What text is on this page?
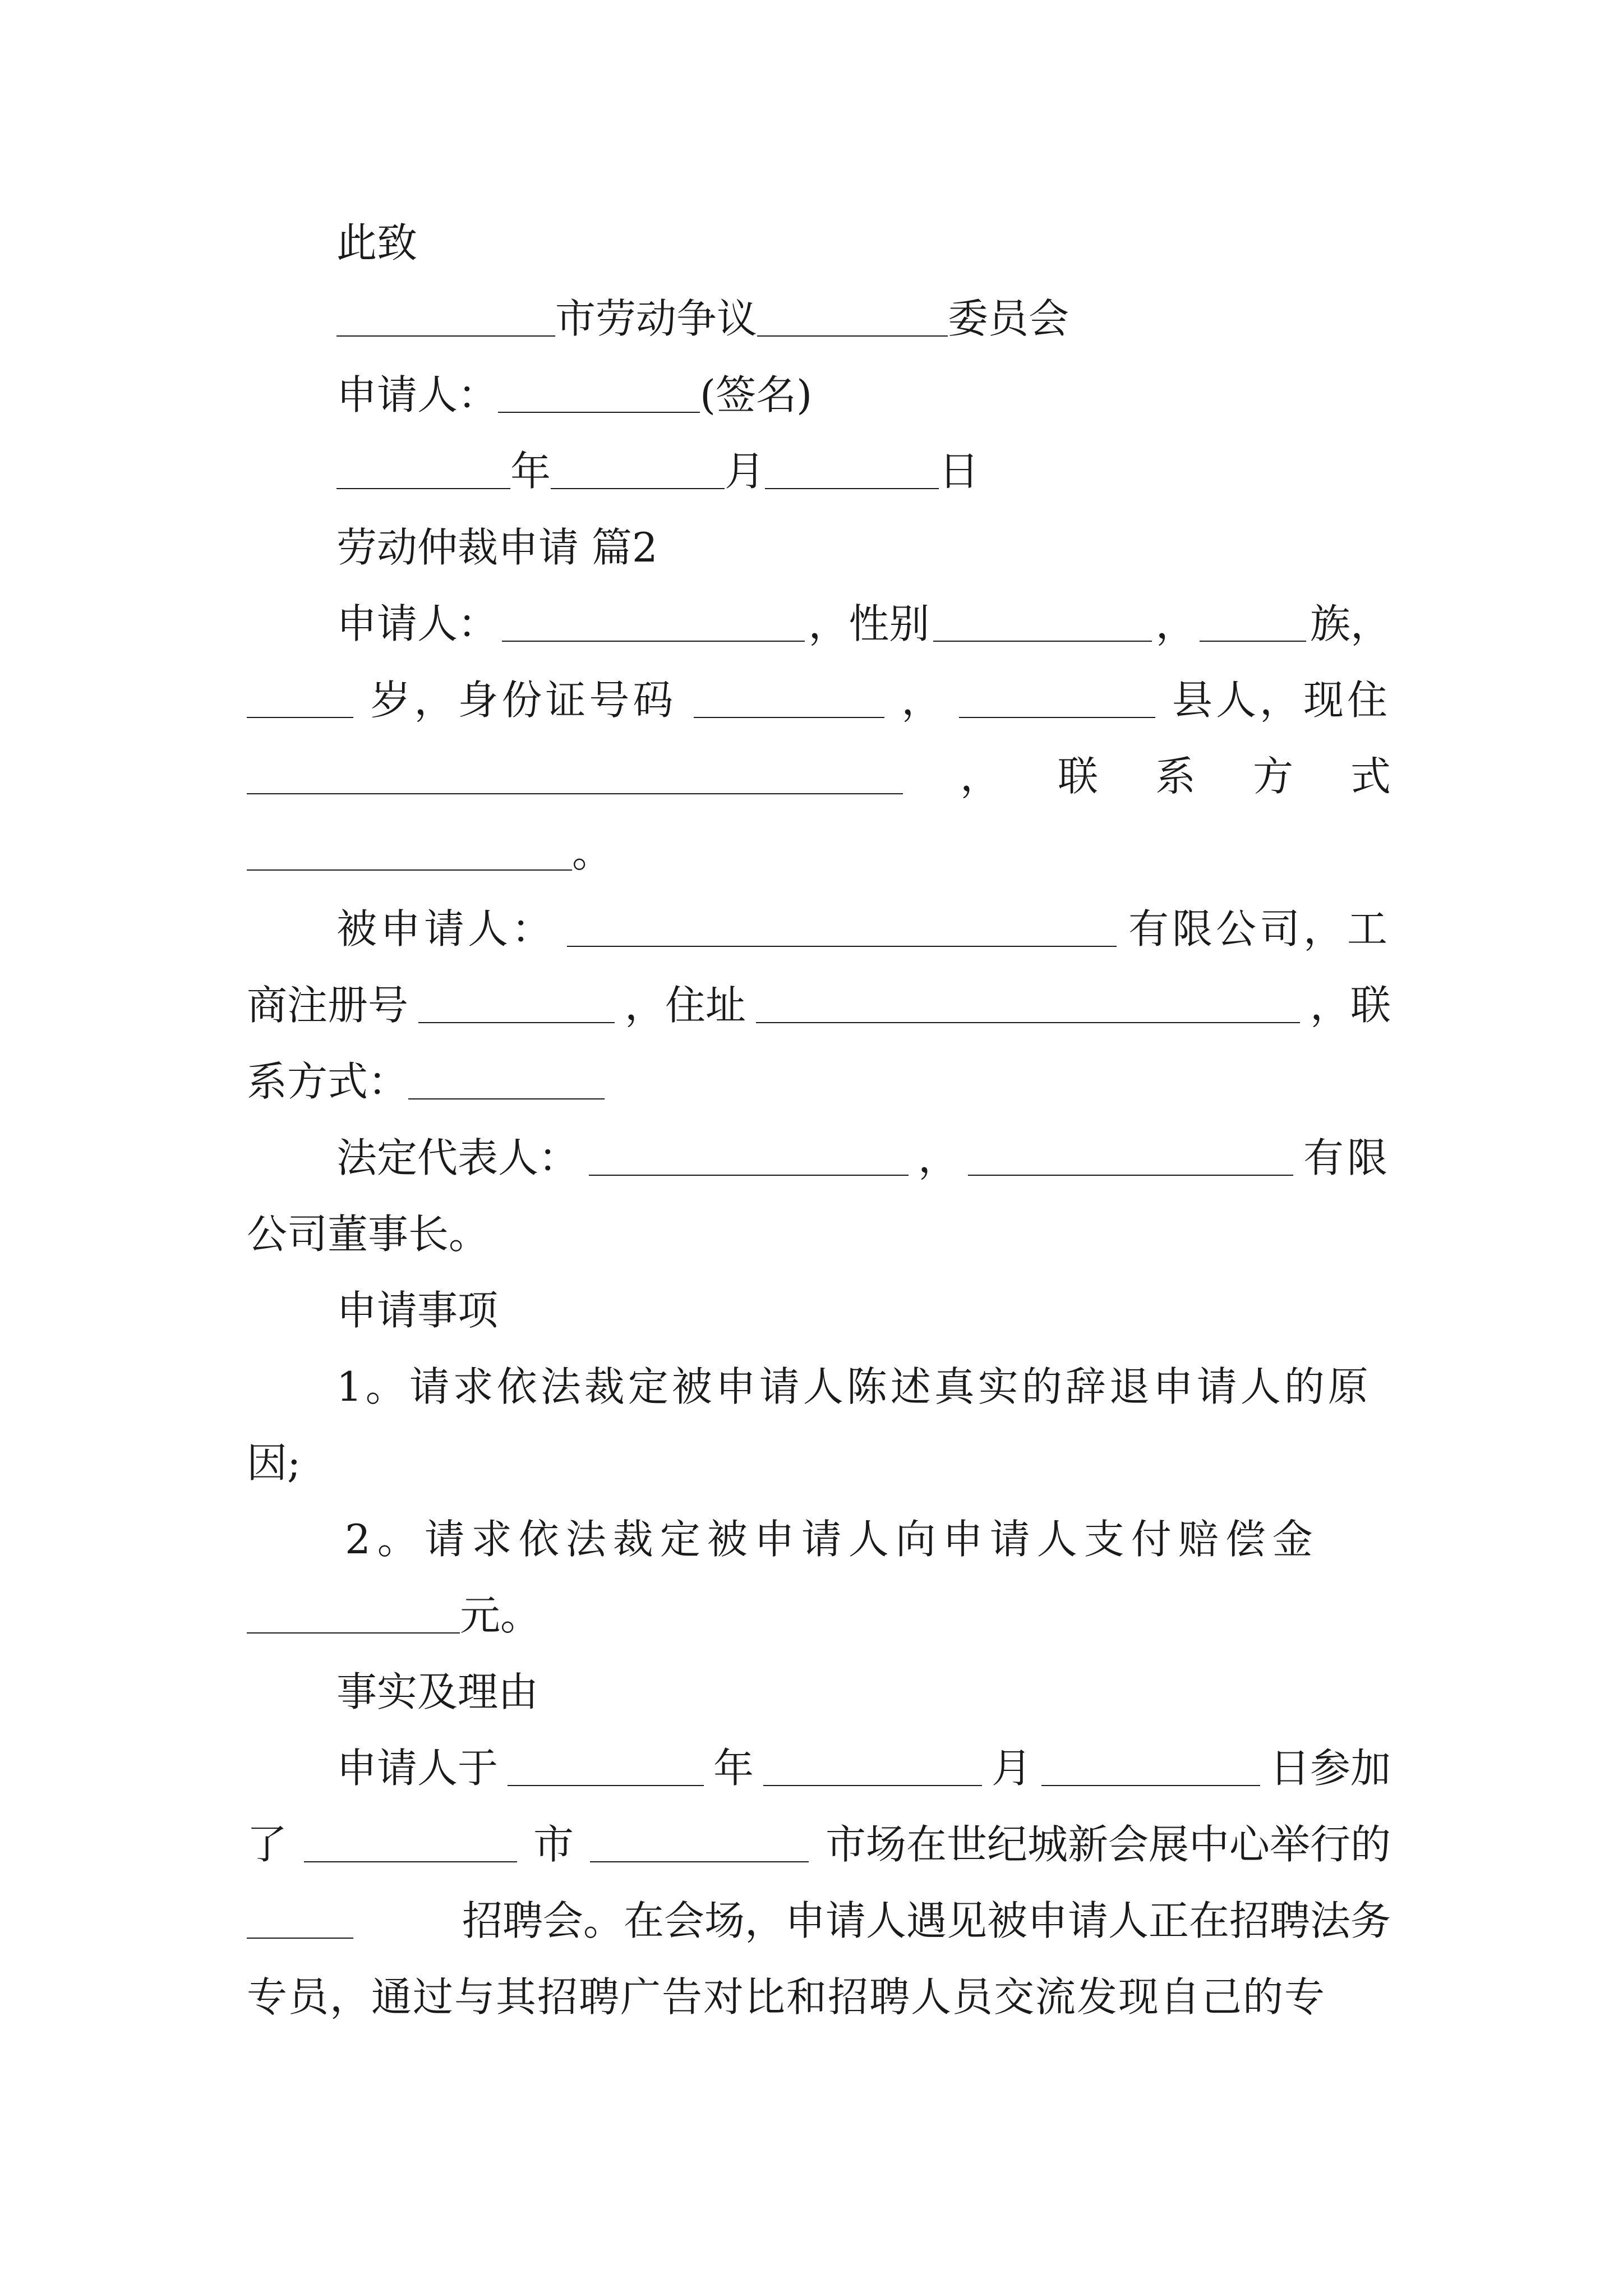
此致
市劳动争议	委员会
申请人：	(签名)
年	月	日
劳动仲裁申请 篇2
申请人：	，性别	，	族，
岁，身份证号码	，	县人，现住
， 联 系 方 式
。
被申请人：	有限公司，工
商注册号	，住址	，联
系方式：
法定代表人：	，	有限
公司董事长。
申请事项
1。请求依法裁定被申请人陈述真实的辞退申请人的原
因;
2。请求依法裁定被申请人向申请人支付赔偿金
元。
事实及理由
申请人于	年	月	日参加
了	市	市场在世纪城新会展中心举行的
招聘会。在会场，申请人遇见被申请人正在招聘法务
专员，通过与其招聘广告对比和招聘人员交流发现自己的专
